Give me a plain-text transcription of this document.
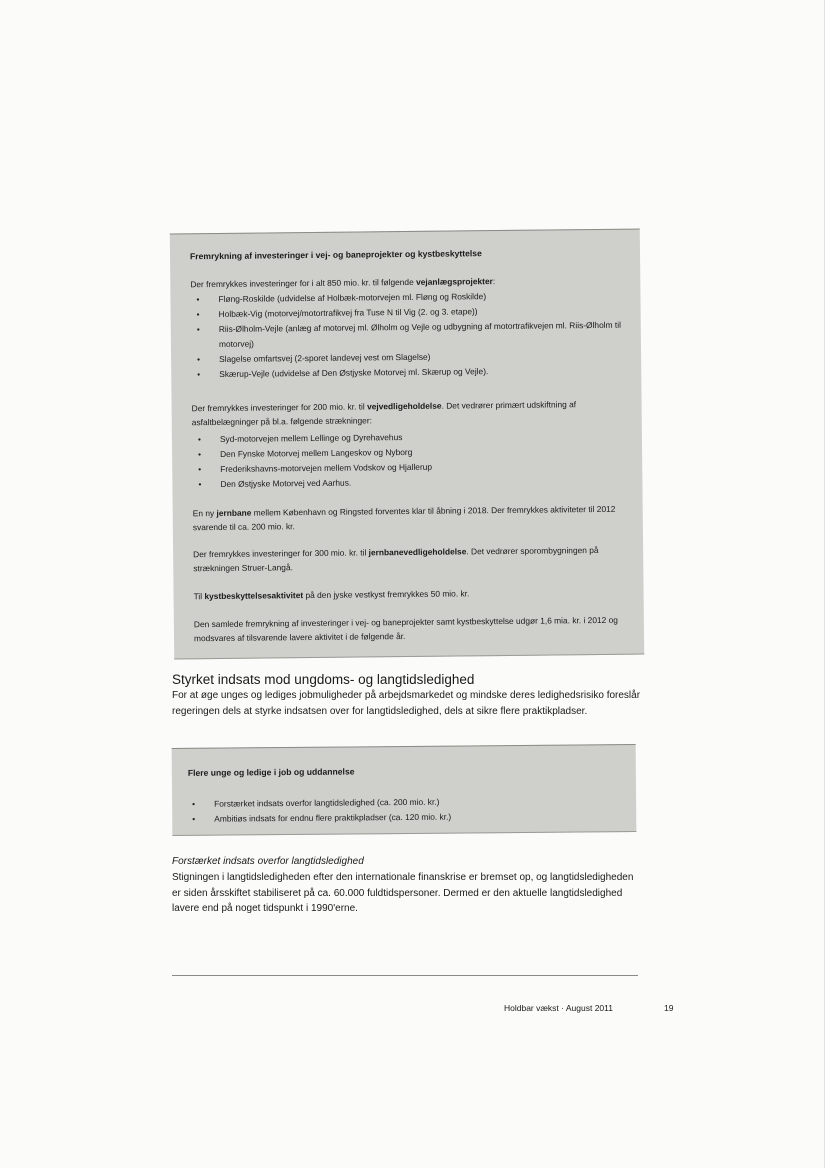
Fremrykning af investeringer i vej- og baneprojekter og kystbeskyttelse

Der fremrykkes investeringer for i alt 850 mio. kr. til følgende vejanlægsprojekter:

• Fløng-Roskilde (udvidelse af Holbæk-motorvejen ml. Fløng og Roskilde)
• Holbæk-Vig (motorvej/motortrafikvej fra Tuse N til Vig (2. og 3. etape))
• Riis-Ølholm-Vejle (anlæg af motorvej ml. Ølholm og Vejle og udbygning af motortrafikvejen ml. Riis-Ølholm til motorvej)
• Slagelse omfartsvej (2-sporet landevej vest om Slagelse)
• Skærup-Vejle (udvidelse af Den Østjyske Motorvej ml. Skærup og Vejle).

Der fremrykkes investeringer for 200 mio. kr. til vejvedligeholdelse. Det vedrører primært udskiftning af asfaltbelægninger på bl.a. følgende strækninger:

• Syd-motorvejen mellem Lellinge og Dyrehavehus
• Den Fynske Motorvej mellem Langeskov og Nyborg
• Frederikshavns-motorvejen mellem Vodskov og Hjallerup
• Den Østjyske Motorvej ved Aarhus.

En ny jernbane mellem København og Ringsted forventes klar til åbning i 2018. Der fremrykkes aktiviteter til 2012 svarende til ca. 200 mio. kr.

Der fremrykkes investeringer for 300 mio. kr. til jernbanevedligeholdelse. Det vedrører sporombygningen på strækningen Struer-Langå.

Til kystbeskyttelsesaktivitet på den jyske vestkyst fremrykkes 50 mio. kr.

Den samlede fremrykning af investeringer i vej- og baneprojekter samt kystbeskyttelse udgør 1,6 mia. kr. i 2012 og modsvares af tilsvarende lavere aktivitet i de følgende år.

Styrket indsats mod ungdoms- og langtidsledighed
For at øge unges og lediges jobmuligheder på arbejdsmarkedet og mindske deres ledighedsrisiko foreslår regeringen dels at styrke indsatsen over for langtidsledighed, dels at sikre flere praktikpladser.
Flere unge og ledige i job og uddannelse
• Forstærket indsats overfor langtidsledighed (ca. 200 mio. kr.)
• Ambitiøs indsats for endnu flere praktikpladser (ca. 120 mio. kr.)
Forstærket indsats overfor langtidsledighed
Stigningen i langtidsledigheden efter den internationale finanskrise er bremset op, og langtidsledigheden er siden årsskiftet stabiliseret på ca. 60.000 fuldtidspersoner. Dermed er den aktuelle langtidsledighed lavere end på noget tidspunkt i 1990'erne.
Holdbar vækst · August 2011	19
